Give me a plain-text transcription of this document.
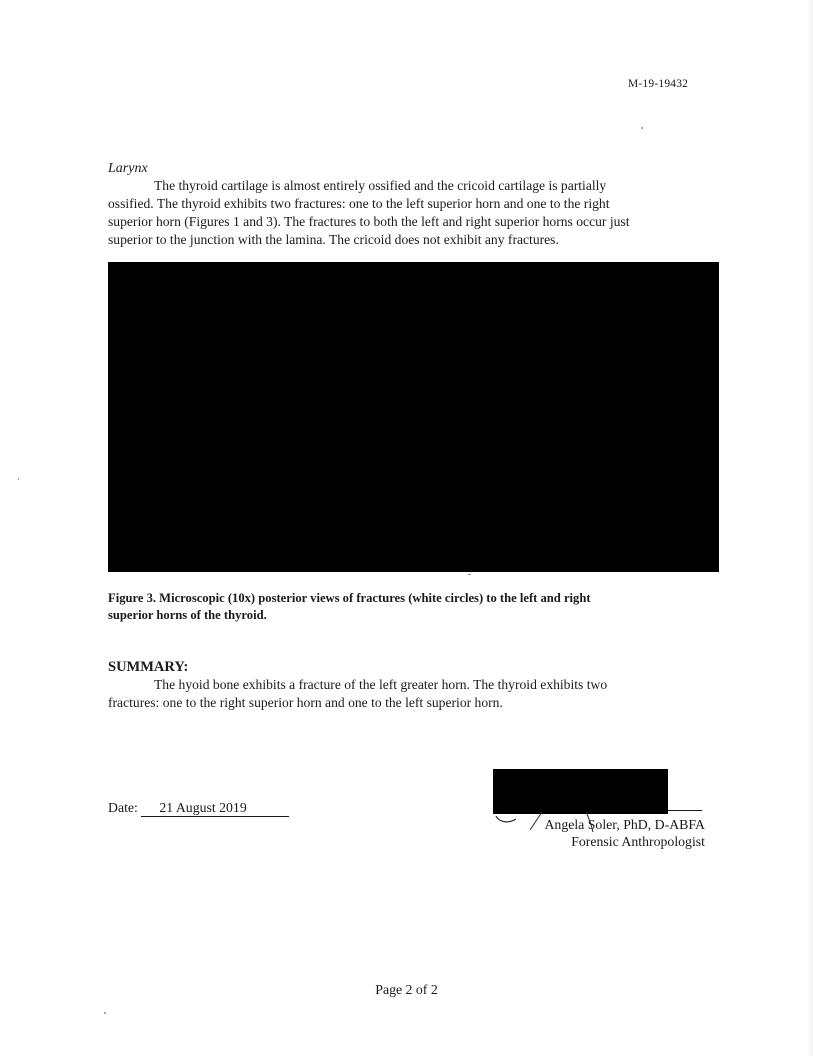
M-19-19432
Larynx
The thyroid cartilage is almost entirely ossified and the cricoid cartilage is partially
ossified. The thyroid exhibits two fractures: one to the left superior horn and one to the right
superior horn (Figures 1 and 3). The fractures to both the left and right superior horns occur just
superior to the junction with the lamina. The cricoid does not exhibit any fractures.
Figure 3. Microscopic (10x) posterior views of fractures (white circles) to the left and right
superior horns of the thyroid.
SUMMARY:
The hyoid bone exhibits a fracture of the left greater horn. The thyroid exhibits two
fractures: one to the right superior horn and one to the left superior horn.
Date: 21 August 2019
Angela Soler, PhD, D-ABFA
Forensic Anthropologist
Page 2 of 2
